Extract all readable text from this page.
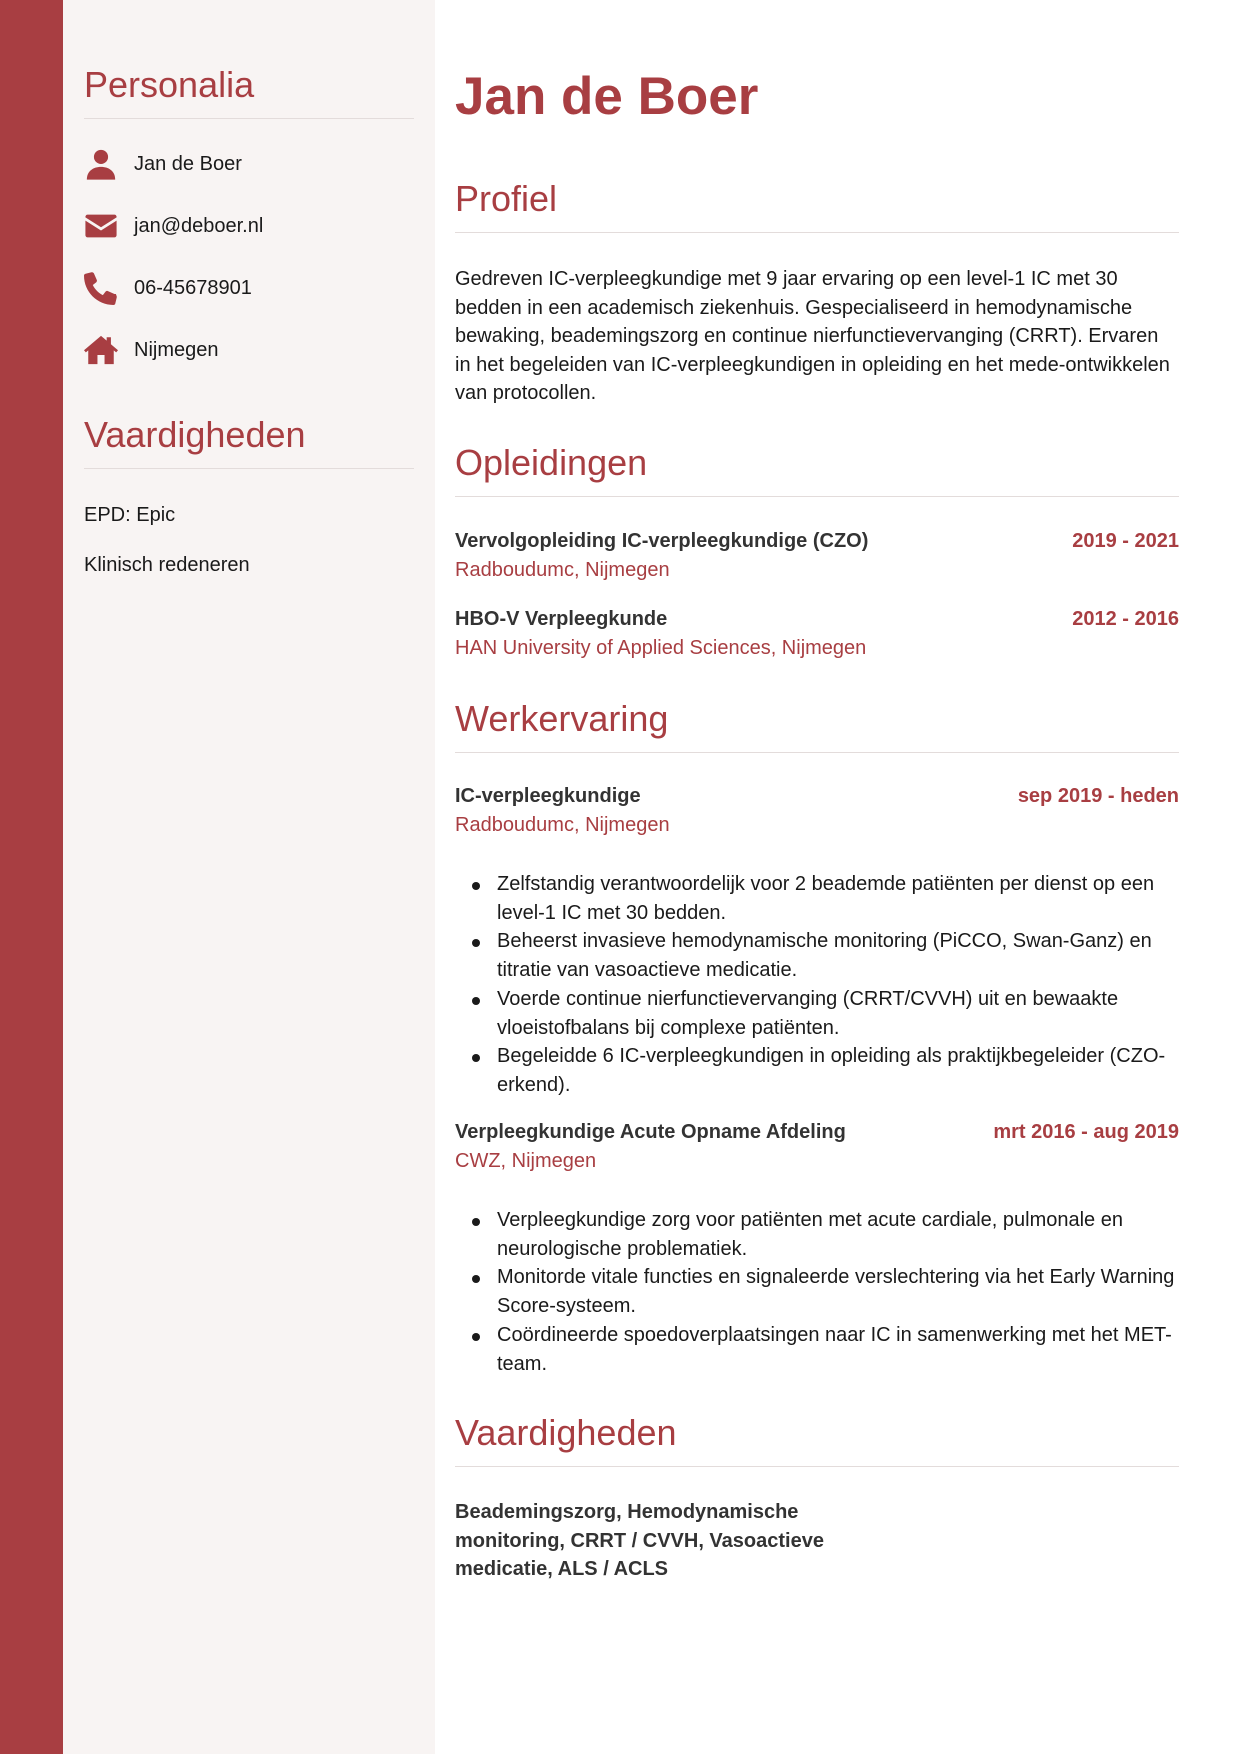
Personalia
Jan de Boer
jan@deboer.nl
06-45678901
Nijmegen
Vaardigheden
EPD: Epic
Klinisch redeneren
Jan de Boer
Profiel

Gedreven IC-verpleegkundige met 9 jaar ervaring op een level-1 IC met 30 bedden in een academisch ziekenhuis. Gespecialiseerd in hemodynamische bewaking, beademingszorg en continue nierfunctievervanging (CRRT). Ervaren in het begeleiden van IC-verpleegkundigen in opleiding en het mede-ontwikkelen van protocollen.

Opleidingen
Vervolgopleiding IC-verpleegkundige (CZO)	2019 - 2021
Radboudumc, Nijmegen
HBO-V Verpleegkunde	2012 - 2016
HAN University of Applied Sciences, Nijmegen
Werkervaring
IC-verpleegkundige	sep 2019 - heden
Radboudumc, Nijmegen
Zelfstandig verantwoordelijk voor 2 beademde patiënten per dienst op een level-1 IC met 30 bedden.
Beheerst invasieve hemodynamische monitoring (PiCCO, Swan-Ganz) en titratie van vasoactieve medicatie.
Voerde continue nierfunctievervanging (CRRT/CVVH) uit en bewaakte vloeistofbalans bij complexe patiënten.
Begeleidde 6 IC-verpleegkundigen in opleiding als praktijkbegeleider (CZO-erkend).
Verpleegkundige Acute Opname Afdeling	mrt 2016 - aug 2019
CWZ, Nijmegen
Verpleegkundige zorg voor patiënten met acute cardiale, pulmonale en neurologische problematiek.
Monitorde vitale functies en signaleerde verslechtering via het Early Warning Score-systeem.
Coördineerde spoedoverplaatsingen naar IC in samenwerking met het MET-team.
Vaardigheden

Beademingszorg, Hemodynamische monitoring, CRRT / CVVH, Vasoactieve medicatie, ALS / ACLS
